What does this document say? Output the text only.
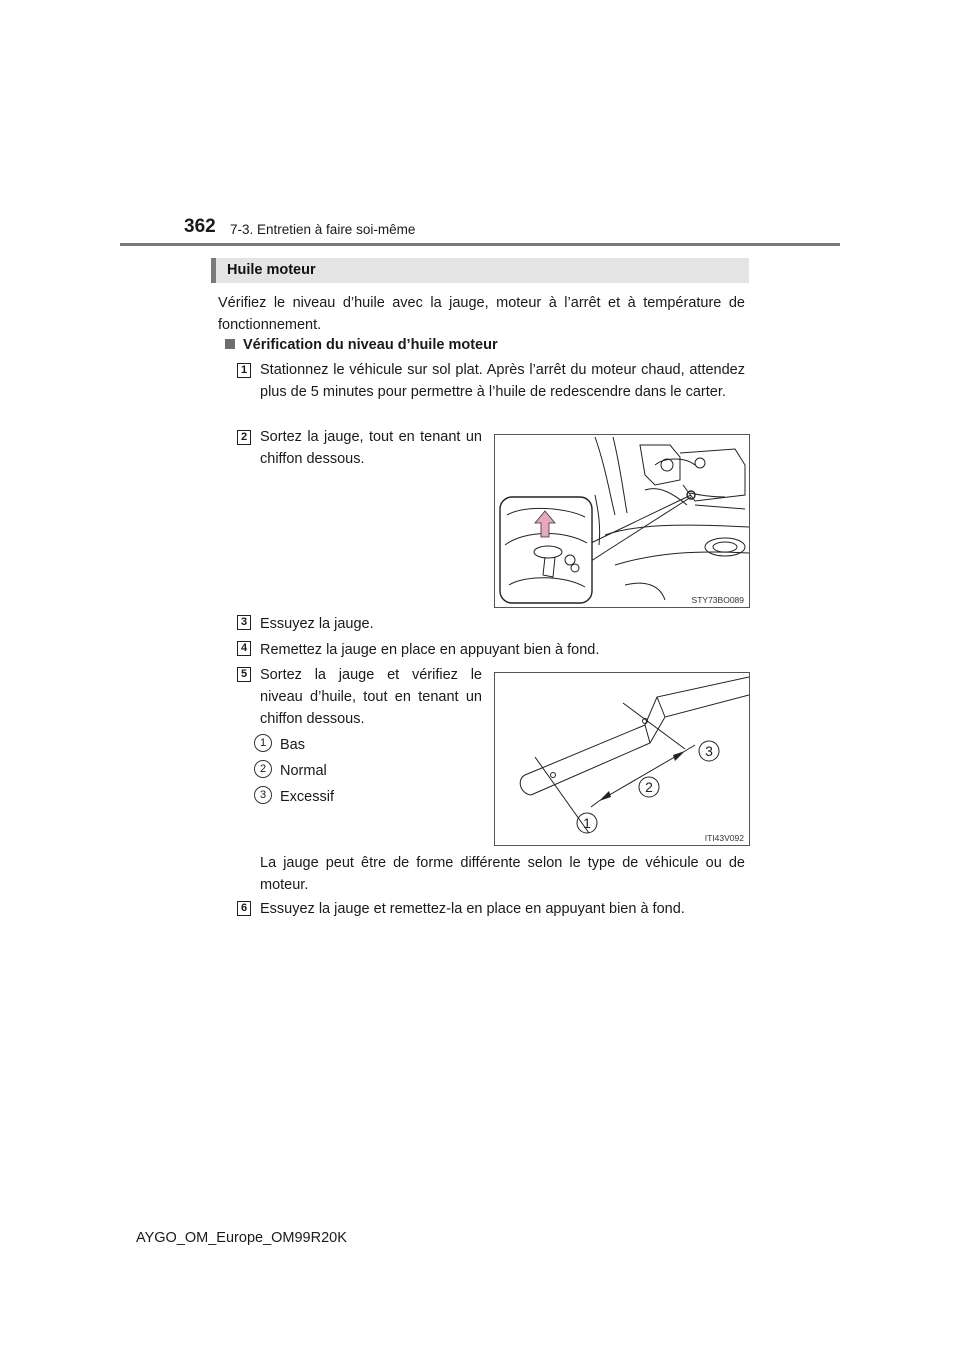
362 7-3. Entretien à faire soi-même
Huile moteur
Vérifiez le niveau d’huile avec la jauge, moteur à l’arrêt et à température de fonctionnement.
Vérification du niveau d’huile moteur
1 Stationnez le véhicule sur sol plat. Après l’arrêt du moteur chaud, attendez plus de 5 minutes pour permettre à l’huile de redescendre dans le carter.
2 Sortez la jauge, tout en tenant un chiffon dessous.
STY73BO089
3 Essuyez la jauge.
4 Remettez la jauge en place en appuyant bien à fond.
5 Sortez la jauge et vérifiez le niveau d’huile, tout en tenant un chiffon dessous.
1 Bas
2 Normal
3 Excessif
3
2
1
ITI43V092
La jauge peut être de forme différente selon le type de véhicule ou de moteur.
6 Essuyez la jauge et remettez-la en place en appuyant bien à fond.
AYGO_OM_Europe_OM99R20K
